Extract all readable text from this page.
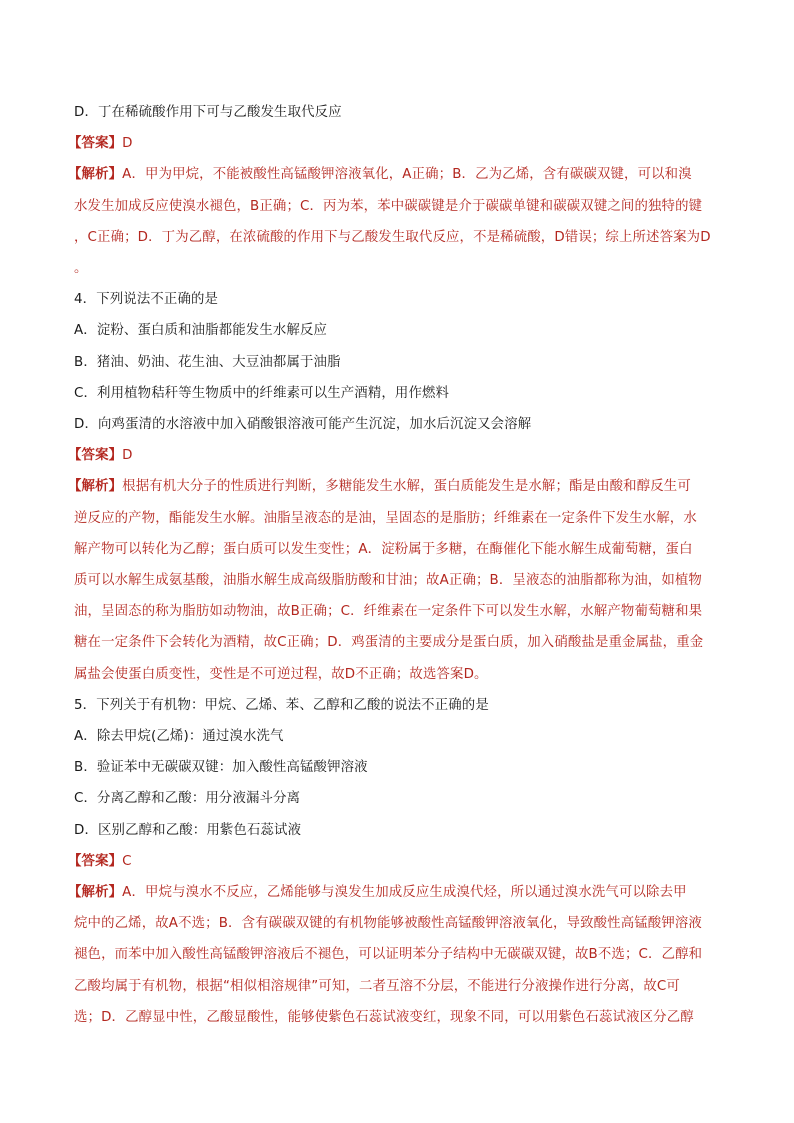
D．丁在稀硫酸作用下可与乙酸发生取代反应
【答案】D
【解析】A．甲为甲烷，不能被酸性高锰酸钾溶液氧化，A正确；B．乙为乙烯，含有碳碳双键，可以和溴
水发生加成反应使溴水褪色，B正确；C．丙为苯，苯中碳碳键是介于碳碳单键和碳碳双键之间的独特的键
，C正确；D．丁为乙醇，在浓硫酸的作用下与乙酸发生取代反应，不是稀硫酸，D错误；综上所述答案为D
。
4．下列说法不正确的是
A．淀粉、蛋白质和油脂都能发生水解反应
B．猪油、奶油、花生油、大豆油都属于油脂
C．利用植物秸秆等生物质中的纤维素可以生产酒精，用作燃料
D．向鸡蛋清的水溶液中加入硝酸银溶液可能产生沉淀，加水后沉淀又会溶解
【答案】D
【解析】根据有机大分子的性质进行判断，多糖能发生水解，蛋白质能发生是水解；酯是由酸和醇反生可
逆反应的产物，酯能发生水解。油脂呈液态的是油，呈固态的是脂肪；纤维素在一定条件下发生水解，水
解产物可以转化为乙醇；蛋白质可以发生变性；A．淀粉属于多糖，在酶催化下能水解生成葡萄糖，蛋白
质可以水解生成氨基酸，油脂水解生成高级脂肪酸和甘油；故A正确；B．呈液态的油脂都称为油，如植物
油，呈固态的称为脂肪如动物油，故B正确；C．纤维素在一定条件下可以发生水解，水解产物葡萄糖和果
糖在一定条件下会转化为酒精，故C正确；D．鸡蛋清的主要成分是蛋白质，加入硝酸盐是重金属盐，重金
属盐会使蛋白质变性，变性是不可逆过程，故D不正确；故选答案D。
5．下列关于有机物：甲烷、乙烯、苯、乙醇和乙酸的说法不正确的是
A．除去甲烷(乙烯)：通过溴水洗气
B．验证苯中无碳碳双键：加入酸性高锰酸钾溶液
C．分离乙醇和乙酸：用分液漏斗分离
D．区别乙醇和乙酸：用紫色石蕊试液
【答案】C
【解析】A．甲烷与溴水不反应，乙烯能够与溴发生加成反应生成溴代烃，所以通过溴水洗气可以除去甲
烷中的乙烯，故A不选；B．含有碳碳双键的有机物能够被酸性高锰酸钾溶液氧化，导致酸性高锰酸钾溶液
褪色，而苯中加入酸性高锰酸钾溶液后不褪色，可以证明苯分子结构中无碳碳双键，故B不选；C．乙醇和
乙酸均属于有机物，根据“相似相溶规律”可知，二者互溶不分层，不能进行分液操作进行分离，故C可
选；D．乙醇显中性，乙酸显酸性，能够使紫色石蕊试液变红，现象不同，可以用紫色石蕊试液区分乙醇
